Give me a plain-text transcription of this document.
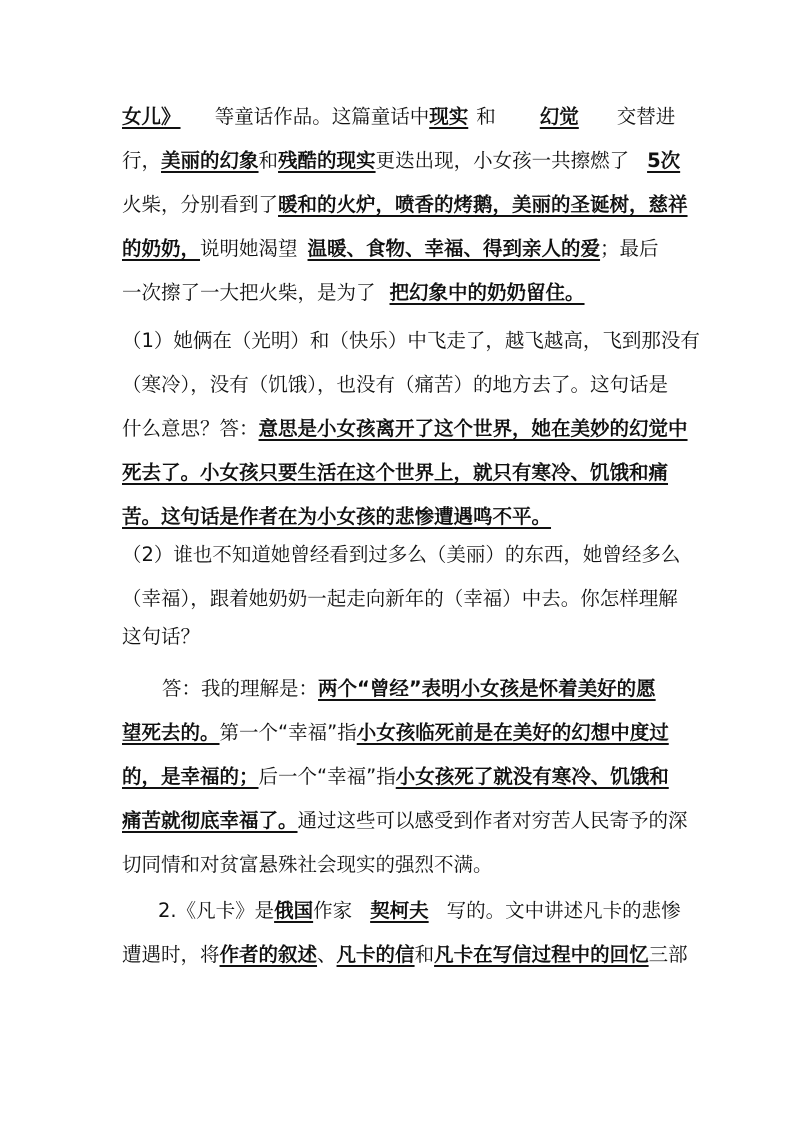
女儿》 等童话作品。这篇童话中现实 和 幻觉 交替进
行，美丽的幻象和残酷的现实更迭出现，小女孩一共擦燃了 5次
火柴，分别看到了暖和的火炉，喷香的烤鹅，美丽的圣诞树，慈祥
的奶奶，说明她渴望 温暖、食物、幸福、得到亲人的爱；最后
一次擦了一大把火柴，是为了 把幻象中的奶奶留住。
（1）她俩在（光明）和（快乐）中飞走了，越飞越高，飞到那没有
（寒冷），没有（饥饿），也没有（痛苦）的地方去了。这句话是
什么意思？答：意思是小女孩离开了这个世界，她在美妙的幻觉中
死去了。小女孩只要生活在这个世界上，就只有寒冷、饥饿和痛
苦。这句话是作者在为小女孩的悲惨遭遇鸣不平。
（2）谁也不知道她曾经看到过多么（美丽）的东西，她曾经多么
（幸福），跟着她奶奶一起走向新年的（幸福）中去。你怎样理解
这句话？
答：我的理解是：两个“曾经”表明小女孩是怀着美好的愿
望死去的。第一个“幸福”指小女孩临死前是在美好的幻想中度过
的，是幸福的；后一个“幸福”指小女孩死了就没有寒冷、饥饿和
痛苦就彻底幸福了。通过这些可以感受到作者对穷苦人民寄予的深
切同情和对贫富悬殊社会现实的强烈不满。
2.《凡卡》是俄国作家 契柯夫 写的。文中讲述凡卡的悲惨
遭遇时，将作者的叙述、凡卡的信和凡卡在写信过程中的回忆三部
